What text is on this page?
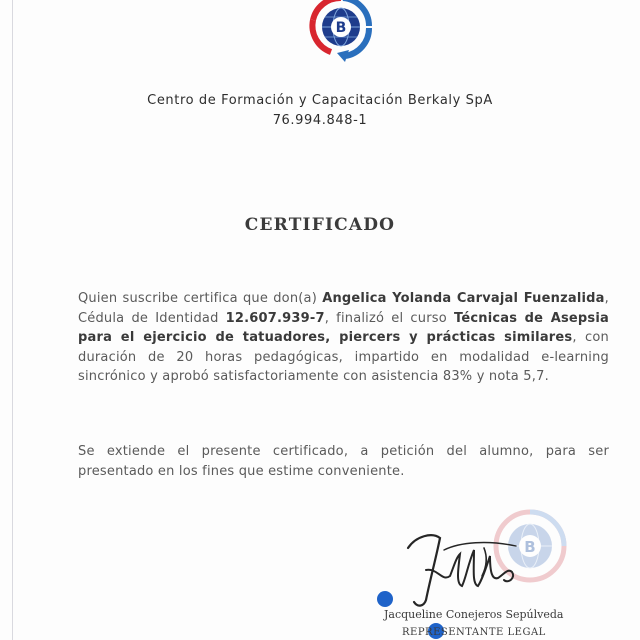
B
Centro de Formación y Capacitación Berkaly SpA
76.994.848-1
CERTIFICADO
Quien suscribe certifica que don(a) Angelica Yolanda Carvajal Fuenzalida, Cédula de Identidad 12.607.939-7, finalizó el curso Técnicas de Asepsia para el ejercicio de tatuadores, piercers y prácticas similares, con duración de 20 horas pedagógicas, impartido en modalidad e-learning sincrónico y aprobó satisfactoriamente con asistencia 83% y nota 5,7.
Se extiende el presente certificado, a petición del alumno, para ser presentado en los fines que estime conveniente.
B
Jacqueline Conejeros Sepúlveda
REPRESENTANTE LEGAL
